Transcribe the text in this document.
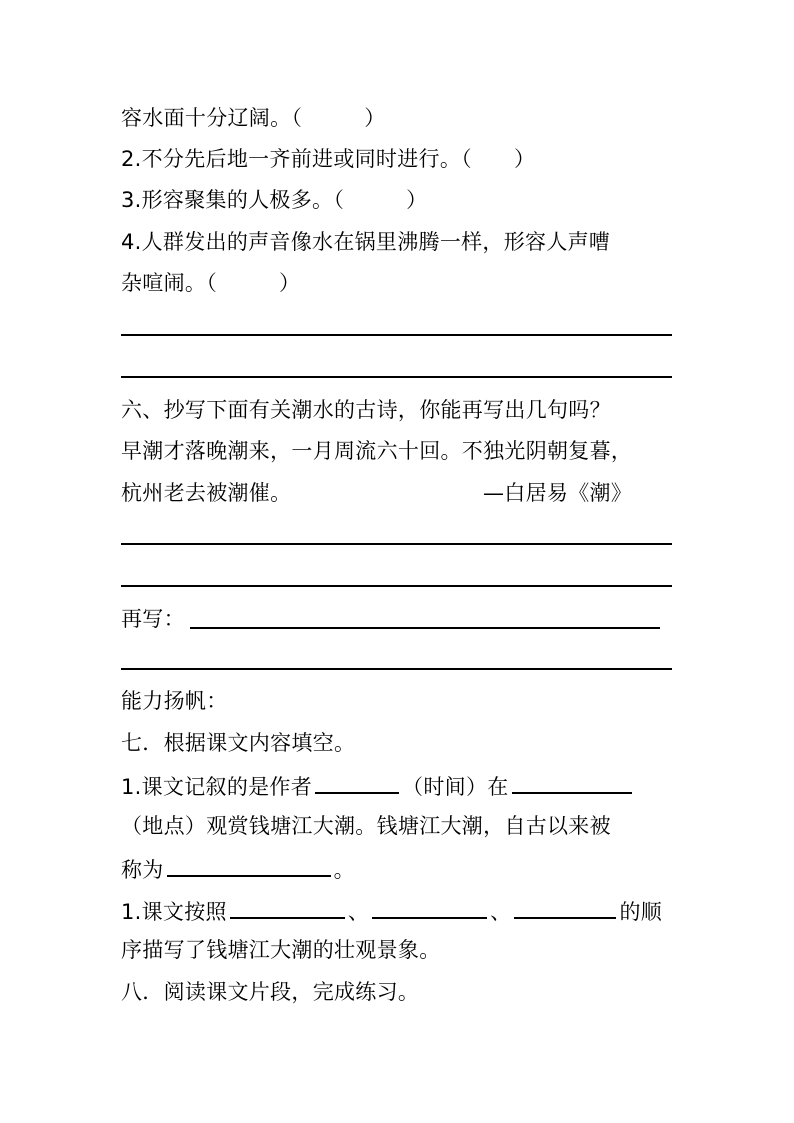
容水面十分辽阔。（	）
2.不分先后地一齐前进或同时进行。（ ）
3.形容聚集的人极多。（	）
4.人群发出的声音像水在锅里沸腾一样，形容人声嘈
杂喧闹。（	）
六、抄写下面有关潮水的古诗，你能再写出几句吗？
早潮才落晚潮来，一月周流六十回。不独光阴朝复暮，
杭州老去被潮催。	—白居易《潮》
再写：
能力扬帆：
七．根据课文内容填空。
1.课文记叙的是作者	（时间）在
（地点）观赏钱塘江大潮。钱塘江大潮，自古以来被
称为	。
1.课文按照	、	、	的顺
序描写了钱塘江大潮的壮观景象。
八．阅读课文片段，完成练习。
